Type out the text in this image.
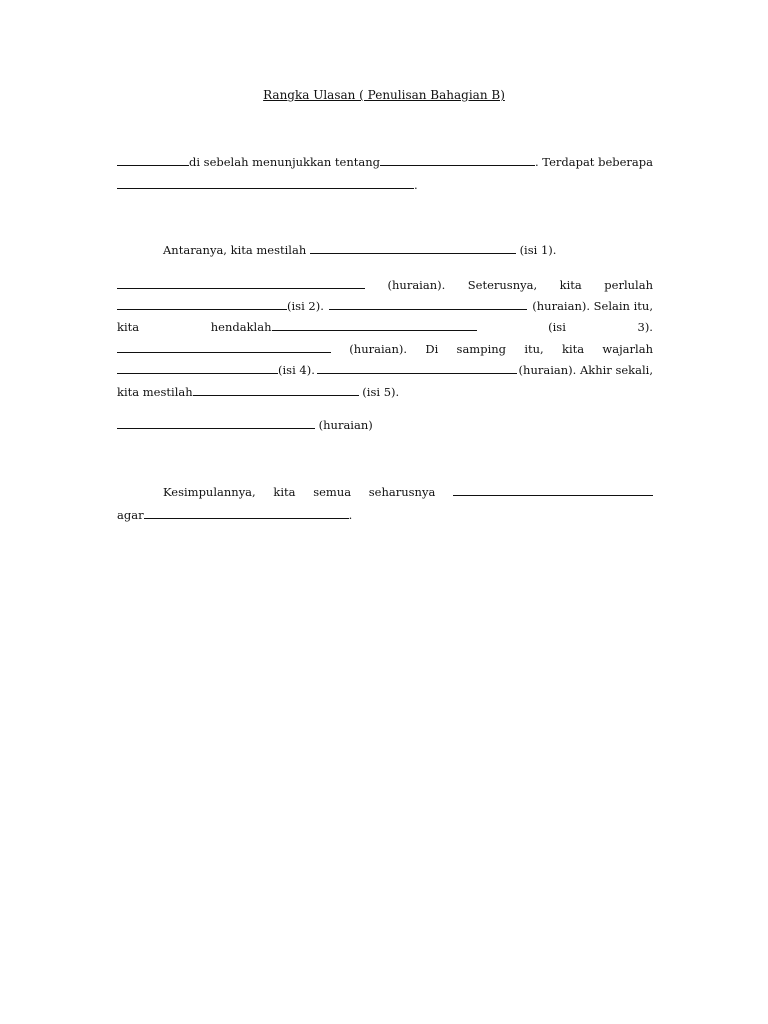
Rangka Ulasan ( Penulisan Bahagian B)
di sebelah menunjukkan tentang	. Terdapat beberapa
.
Antaranya, kita mestilah	(isi 1).
(huraian). Seterusnya, kita perlulah
(isi 2).	(huraian). Selain itu,
kita	hendaklah	(isi	3).
(huraian). Di samping itu, kita wajarlah
(isi 4).	(huraian). Akhir sekali,
kita mestilah	(isi 5).
(huraian)
Kesimpulannya, kita semua seharusnya
agar	.
